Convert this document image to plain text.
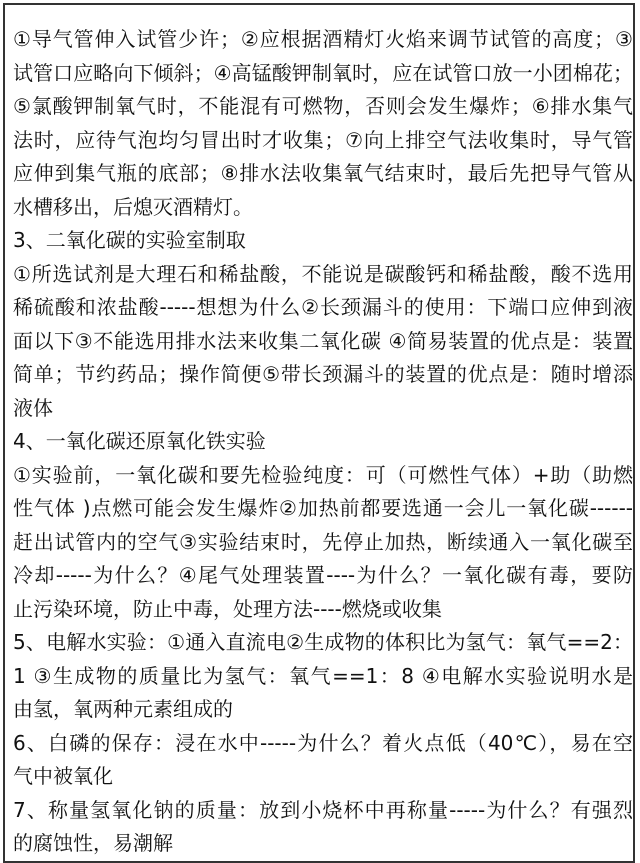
①导气管伸入试管少许；②应根据酒精灯火焰来调节试管的高度；③
试管口应略向下倾斜；④高锰酸钾制氧时，应在试管口放一小团棉花；
⑤氯酸钾制氧气时，不能混有可燃物，否则会发生爆炸；⑥排水集气
法时，应待气泡均匀冒出时才收集；⑦向上排空气法收集时，导气管
应伸到集气瓶的底部；⑧排水法收集氧气结束时，最后先把导气管从
水槽移出，后熄灭酒精灯。
3、二氧化碳的实验室制取
①所选试剂是大理石和稀盐酸，不能说是碳酸钙和稀盐酸，酸不选用
稀硫酸和浓盐酸-----想想为什么②长颈漏斗的使用：下端口应伸到液
面以下③不能选用排水法来收集二氧化碳 ④简易装置的优点是：装置
简单；节约药品；操作简便⑤带长颈漏斗的装置的优点是：随时增添
液体
4、一氧化碳还原氧化铁实验
①实验前，一氧化碳和要先检验纯度：可（可燃性气体）+助（助燃
性气体 )点燃可能会发生爆炸②加热前都要选通一会儿一氧化碳------
赶出试管内的空气③实验结束时，先停止加热，断续通入一氧化碳至
冷却-----为什么？④尾气处理装置----为什么？一氧化碳有毒，要防
止污染环境，防止中毒，处理方法----燃烧或收集
5、电解水实验：①通入直流电②生成物的体积比为氢气：氧气==2：
1 ③生成物的质量比为氢气：氧气==1：8 ④电解水实验说明水是
由氢，氧两种元素组成的
6、白磷的保存：浸在水中-----为什么？着火点低（40℃），易在空
气中被氧化
7、称量氢氧化钠的质量：放到小烧杯中再称量-----为什么？有强烈
的腐蚀性，易潮解
